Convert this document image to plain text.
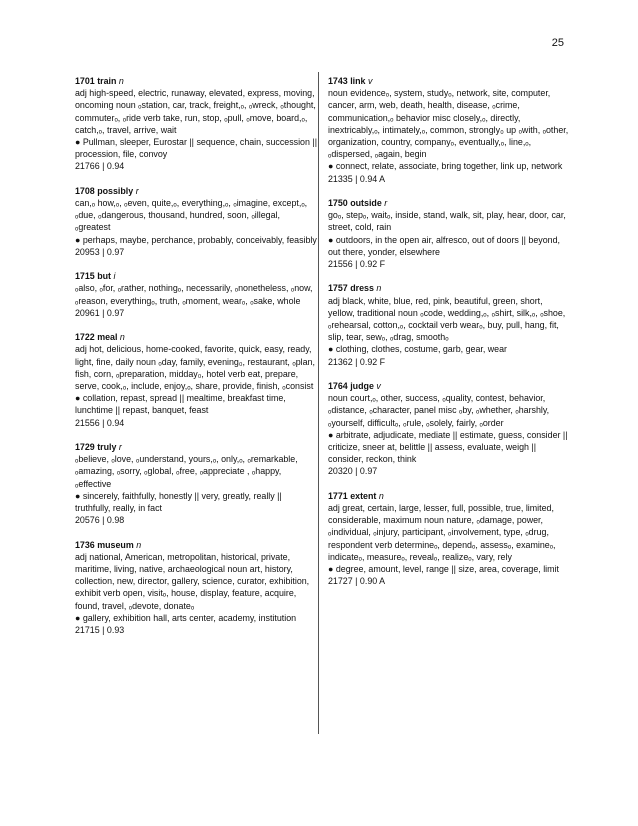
25
1701 train n
adj high-speed, electric, runaway, elevated, express, moving, oncoming noun ₒstation, car, track, freight,ₒ, ₒwreck, ₒthought, commuterₒ, ₒride verb take, run, stop, ₒpull, ₒmove, board,ₒ, catch,ₒ, travel, arrive, wait
● Pullman, sleeper, Eurostar || sequence, chain, succession || procession, file, convoy
21766 | 0.94
1708 possibly r
can,ₒ how,ₒ, ₒeven, quite,ₒ, everything,ₒ, ₒimagine, except,ₒ, ₒdue, ₒdangerous, thousand, hundred, soon, ₒillegal, ₒgreatest
● perhaps, maybe, perchance, probably, conceivably, feasibly
20953 | 0.97
1715 but i
ₒalso, ₒfor, ₒrather, nothingₒ, necessarily, ₒnonetheless, ₒnow, ₒreason, everythingₒ, truth, ₒmoment, wearₒ, ₒsake, whole
20961 | 0.97
1722 meal n
adj hot, delicious, home-cooked, favorite, quick, easy, ready, light, fine, daily noun ₒday, family, evening₀, restaurant, ₒplan, fish, corn, ₒpreparation, midday₀, hotel verb eat, prepare, serve, cook,ₒ, include, enjoy,ₒ, share, provide, finish, ₒconsist
● collation, repast, spread || mealtime, breakfast time, lunchtime || repast, banquet, feast
21556 | 0.94
1729 truly r
ₒbelieve, ₒlove, ₒunderstand, yours,ₒ, only,ₒ, ₒremarkable, ₒamazing, ₒsorry, ₒglobal, ₒfree, ₒappreciate , ₒhappy, ₒeffective
● sincerely, faithfully, honestly || very, greatly, really || truthfully, really, in fact
20576 | 0.98
1736 museum n
adj national, American, metropolitan, historical, private, maritime, living, native, archaeological noun art, history, collection, new, director, gallery, science, curator, exhibition, exhibit verb open, visitₒ, house, display, feature, acquire, found, travel, ₒdevote, donateₒ
● gallery, exhibition hall, arts center, academy, institution
21715 | 0.93
1743 link v
noun evidenceₒ, system, studyₒ, network, site, computer, cancer, arm, web, death, health, disease, ₒcrime, communication,ₒ behavior misc closely,ₒ, directly, inextricably,ₒ, intimately,ₒ, common, strongly₀ up ₒwith, ₒother, organization, country, companyₒ, eventually,ₒ, line,ₒ, ₒdispersed, ₒagain, begin
● connect, relate, associate, bring together, link up, network
21335 | 0.94 A
1750 outside r
goₒ, stepₒ, waitₒ, inside, stand, walk, sit, play, hear, door, car, street, cold, rain
● outdoors, in the open air, alfresco, out of doors || beyond, out there, yonder, elsewhere
21556 | 0.92 F
1757 dress n
adj black, white, blue, red, pink, beautiful, green, short, yellow, traditional noun ₒcode, wedding,ₒ, ₒshirt, silk,ₒ, ₒshoe, ₒrehearsal, cotton,ₒ, cocktail verb wearₒ, buy, pull, hang, fit, slip, tear, sewₒ, ₒdrag, smoothₒ
● clothing, clothes, costume, garb, gear, wear
21362 | 0.92 F
1764 judge v
noun court,ₒ, other, success, ₒquality, contest, behavior, ₒdistance, ₒcharacter, panel misc ₒby, ₒwhether, ₒharshly, ₒyourself, difficultₒ, ₒrule, ₒsolely, fairly, ₒorder
● arbitrate, adjudicate, mediate || estimate, guess, consider || criticize, sneer at, belittle || assess, evaluate, weigh || consider, reckon, think
20320 | 0.97
1771 extent n
adj great, certain, large, lesser, full, possible, true, limited, considerable, maximum noun nature, ₒdamage, power, ₒindividual, ₒinjury, participant, ₒinvolvement, type, ₒdrug, respondent verb determineₒ, dependₒ, assessₒ, examineₒ, indicateₒ, measureₒ, revealₒ, realizeₒ, vary, rely
● degree, amount, level, range || size, area, coverage, limit
21727 | 0.90 A
